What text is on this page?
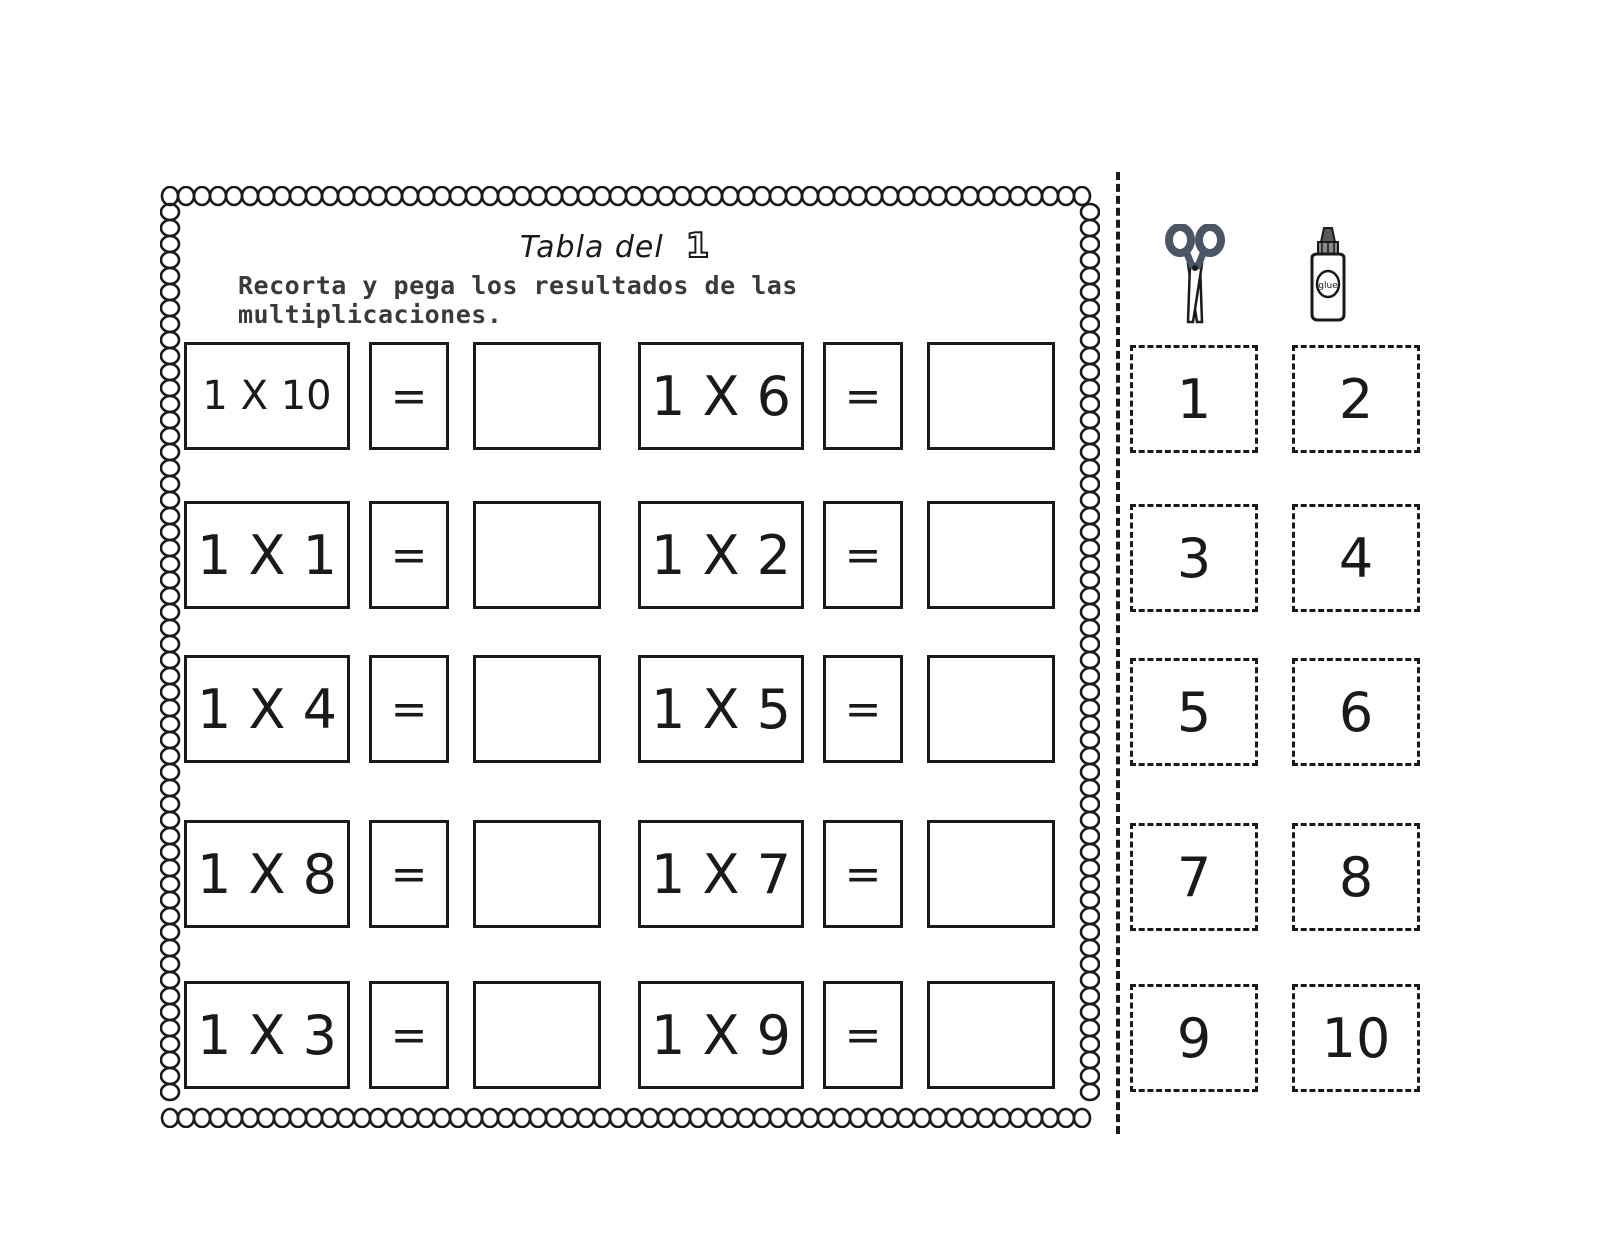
Tabla del 1
Recorta y pega los resultados de las multiplicaciones.
1 X 10 =	1 X 6 =
1 X 1 =	1 X 2 =
1 X 4 =	1 X 5 =
1 X 8 =	1 X 7 =
1 X 3 =	1 X 9 =
glue
1	2
3	4
5	6
7	8
9	10
